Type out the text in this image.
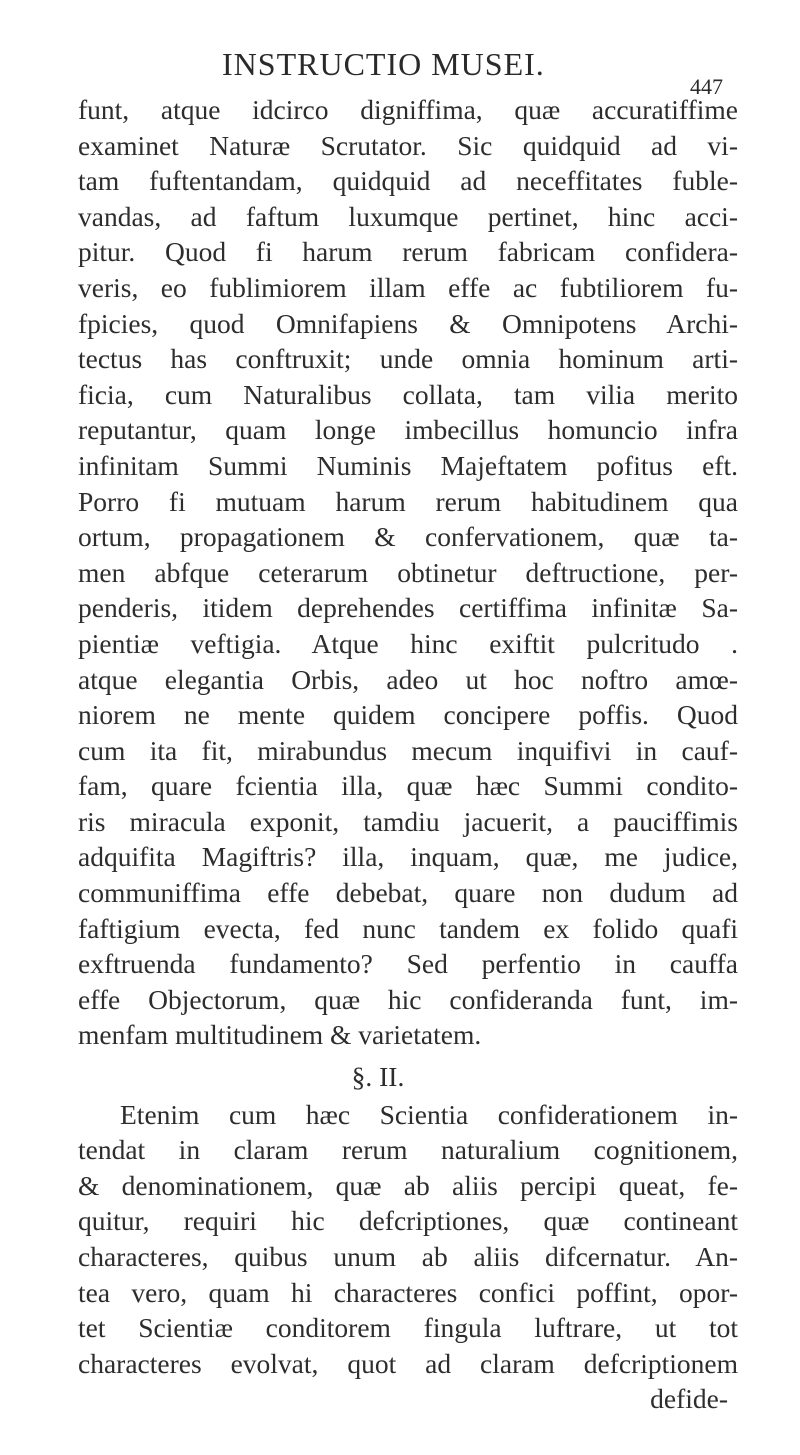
INSTRUCTIO MUSEI.
447
funt, atque idcirco digniffima, quæ accuratiffime
examinet Naturæ Scrutator. Sic quidquid ad vi-
tam fuftentandam, quidquid ad neceffitates fuble-
vandas, ad faftum luxumque pertinet, hinc acci-
pitur. Quod fi harum rerum fabricam confidera-
veris, eo fublimiorem illam effe ac fubtiliorem fu-
fpicies, quod Omnifapiens & Omnipotens Archi-
tectus has conftruxit; unde omnia hominum arti-
ficia, cum Naturalibus collata, tam vilia merito
reputantur, quam longe imbecillus homuncio infra
infinitam Summi Numinis Majeftatem pofitus eft.
Porro fi mutuam harum rerum habitudinem qua
ortum, propagationem & confervationem, quæ ta-
men abfque ceterarum obtinetur deftructione, per-
penderis, itidem deprehendes certiffima infinitæ Sa-
pientiæ veftigia. Atque hinc exiftit pulcritudo .
atque elegantia Orbis, adeo ut hoc noftro amœ-
niorem ne mente quidem concipere poffis. Quod
cum ita fit, mirabundus mecum inquifivi in cauf-
fam, quare fcientia illa, quæ hæc Summi condito-
ris miracula exponit, tamdiu jacuerit, a pauciffimis
adquifita Magiftris? illa, inquam, quæ, me judice,
communiffima effe debebat, quare non dudum ad
faftigium evecta, fed nunc tandem ex folido quafi
exftruenda fundamento? Sed perfentio in cauffa
effe Objectorum, quæ hic confideranda funt, im-
menfam multitudinem & varietatem.
§. II.
Etenim cum hæc Scientia confiderationem in-
tendat in claram rerum naturalium cognitionem,
& denominationem, quæ ab aliis percipi queat, fe-
quitur, requiri hic defcriptiones, quæ contineant
characteres, quibus unum ab aliis difcernatur. An-
tea vero, quam hi characteres confici poffint, opor-
tet Scientiæ conditorem fingula luftrare, ut tot
characteres evolvat, quot ad claram defcriptionem
defide-
